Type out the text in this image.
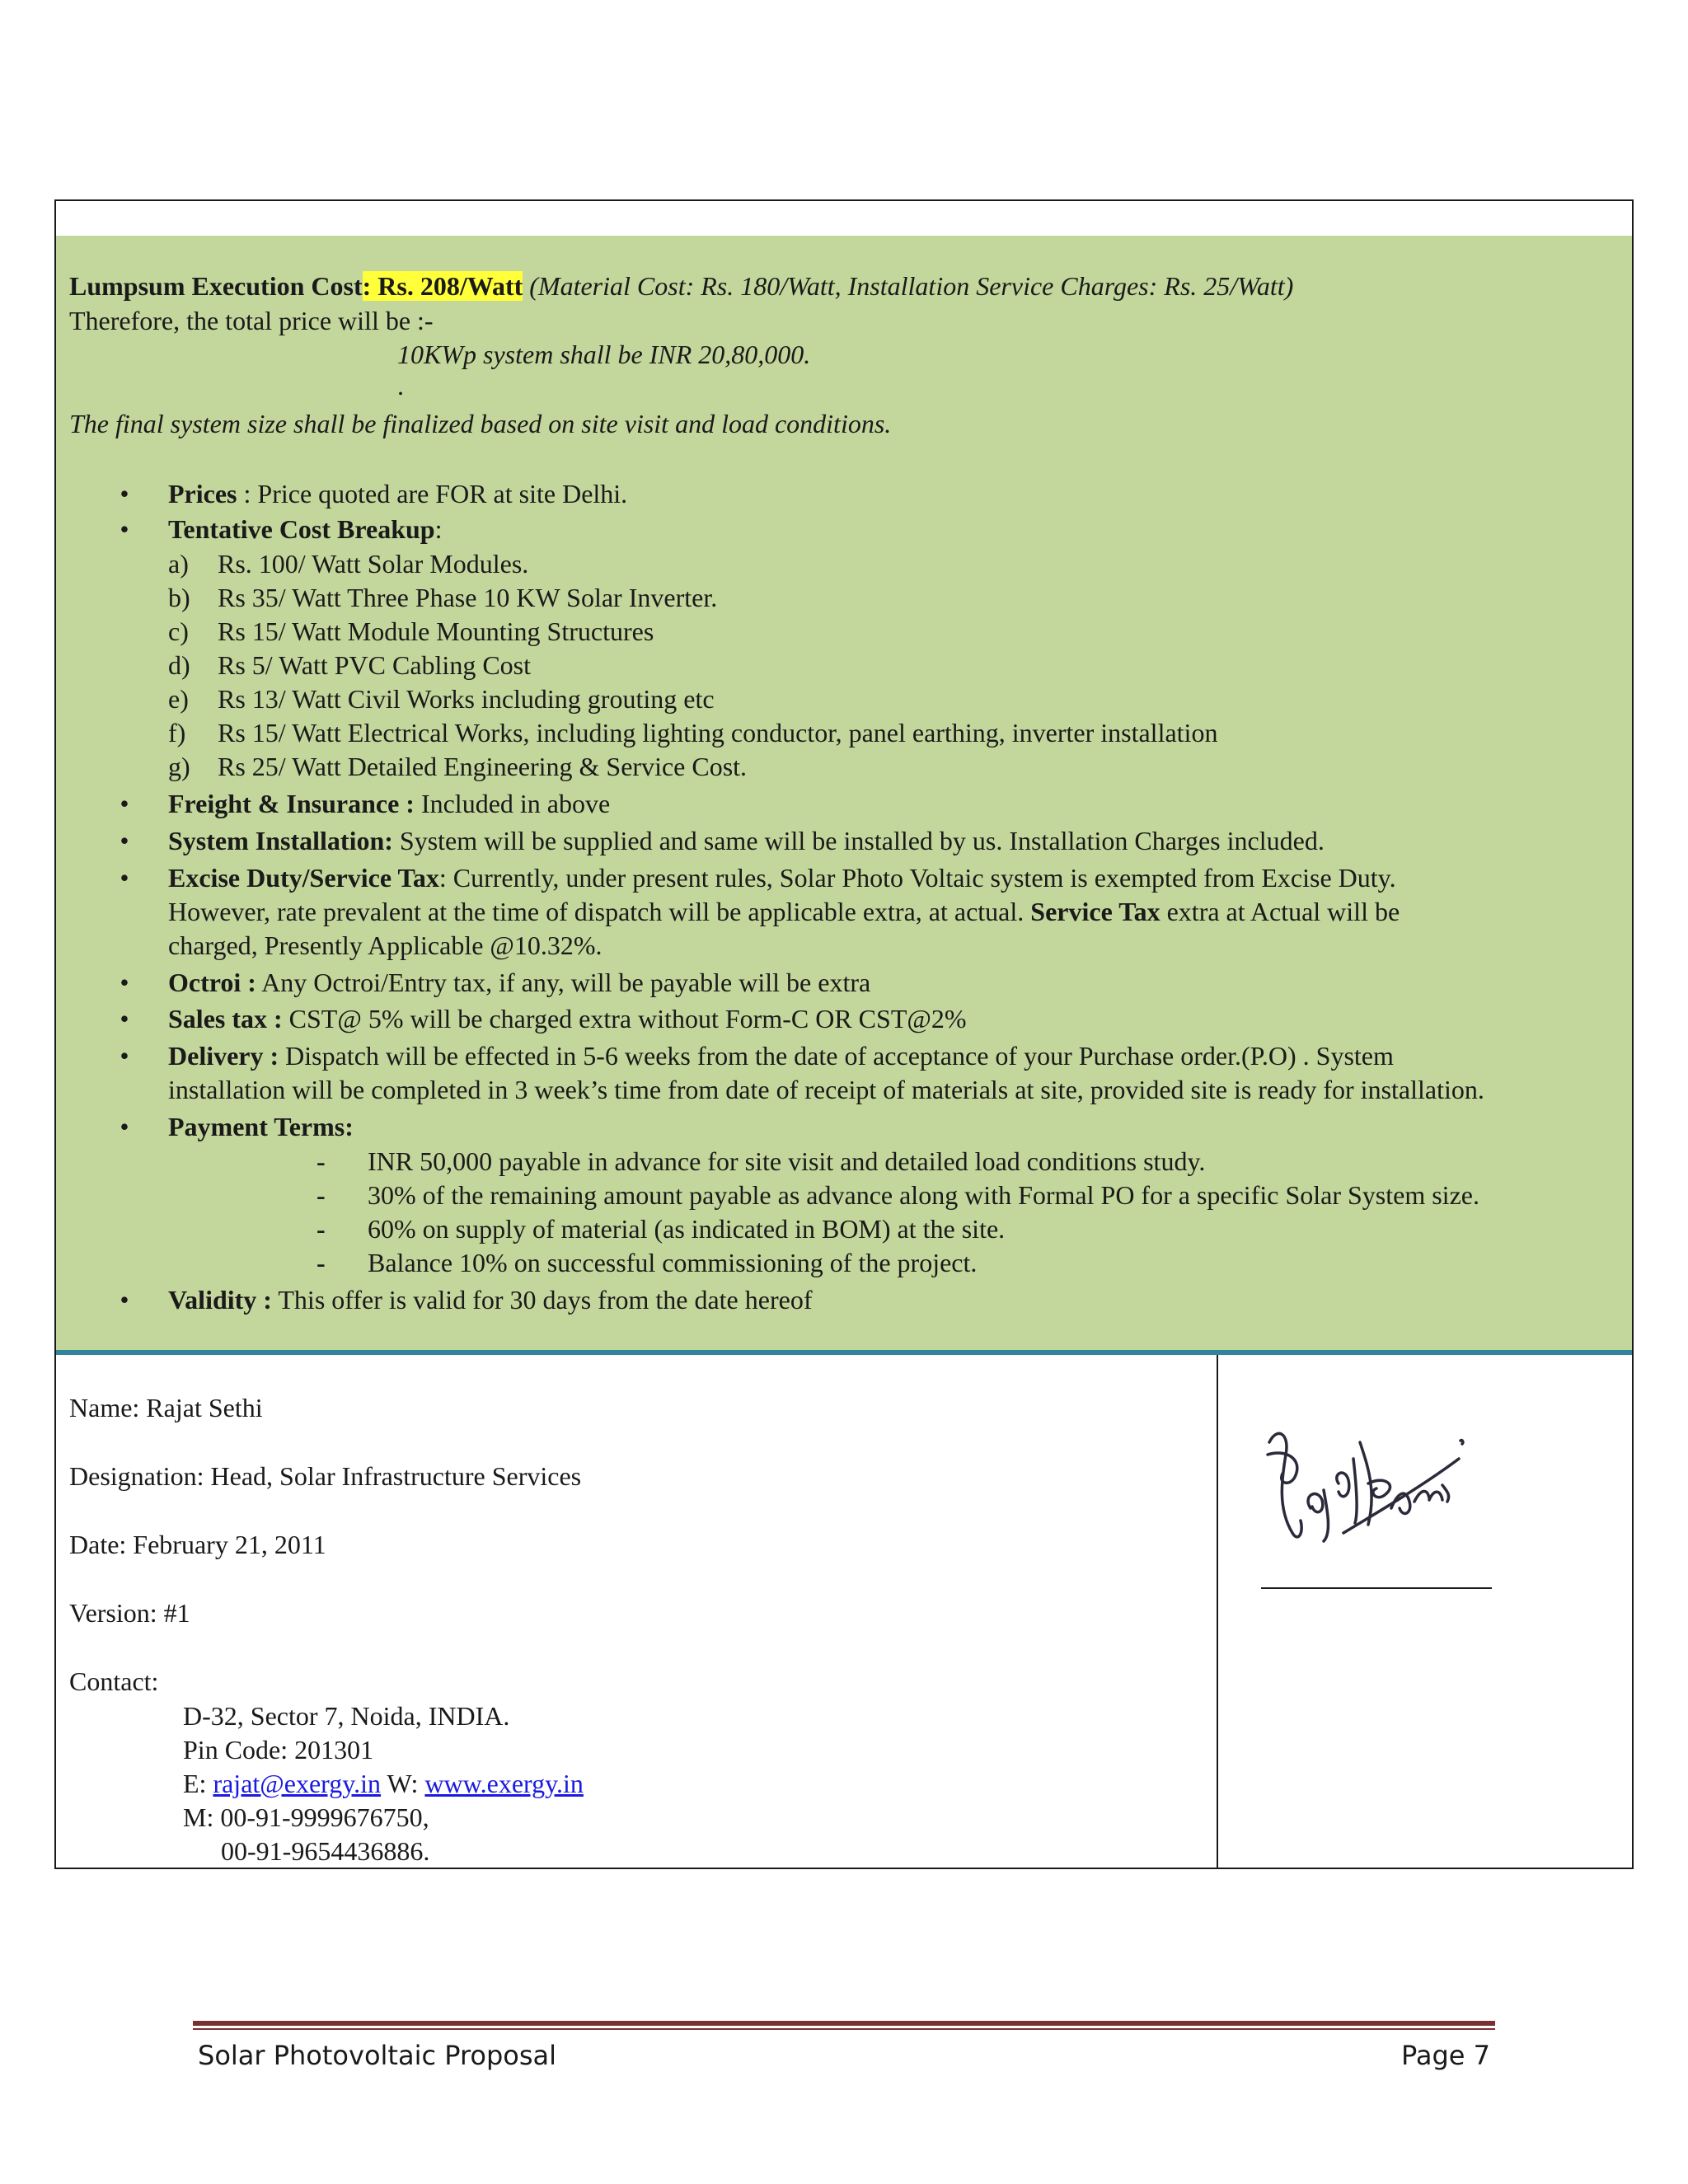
Lumpsum Execution Cost: Rs. 208/Watt (Material Cost: Rs. 180/Watt, Installation Service Charges: Rs. 25/Watt)
Therefore, the total price will be :-
10KWp system shall be INR 20,80,000.
.
The final system size shall be finalized based on site visit and load conditions.
• Prices : Price quoted are FOR at site Delhi.
• Tentative Cost Breakup:
a) Rs. 100/ Watt Solar Modules.
b) Rs 35/ Watt Three Phase 10 KW Solar Inverter.
c) Rs 15/ Watt Module Mounting Structures
d) Rs 5/ Watt PVC Cabling Cost
e) Rs 13/ Watt Civil Works including grouting etc
f) Rs 15/ Watt Electrical Works, including lighting conductor, panel earthing, inverter installation
g) Rs 25/ Watt Detailed Engineering & Service Cost.
• Freight & Insurance : Included in above
• System Installation: System will be supplied and same will be installed by us. Installation Charges included.
• Excise Duty/Service Tax: Currently, under present rules, Solar Photo Voltaic system is exempted from Excise Duty.
However, rate prevalent at the time of dispatch will be applicable extra, at actual. Service Tax extra at Actual will be
charged, Presently Applicable @10.32%.
• Octroi : Any Octroi/Entry tax, if any, will be payable will be extra
• Sales tax : CST@ 5% will be charged extra without Form-C OR CST@2%
• Delivery : Dispatch will be effected in 5-6 weeks from the date of acceptance of your Purchase order.(P.O) . System
installation will be completed in 3 week’s time from date of receipt of materials at site, provided site is ready for installation.
• Payment Terms:
- INR 50,000 payable in advance for site visit and detailed load conditions study.
- 30% of the remaining amount payable as advance along with Formal PO for a specific Solar System size.
- 60% on supply of material (as indicated in BOM) at the site.
- Balance 10% on successful commissioning of the project.
• Validity : This offer is valid for 30 days from the date hereof
Name: Rajat Sethi
Designation: Head, Solar Infrastructure Services
Date: February 21, 2011
Version: #1
Contact:
D-32, Sector 7, Noida, INDIA.
Pin Code: 201301
E: rajat@exergy.in W: www.exergy.in
M: 00-91-9999676750,
00-91-9654436886.
Solar Photovoltaic Proposal	Page 7
